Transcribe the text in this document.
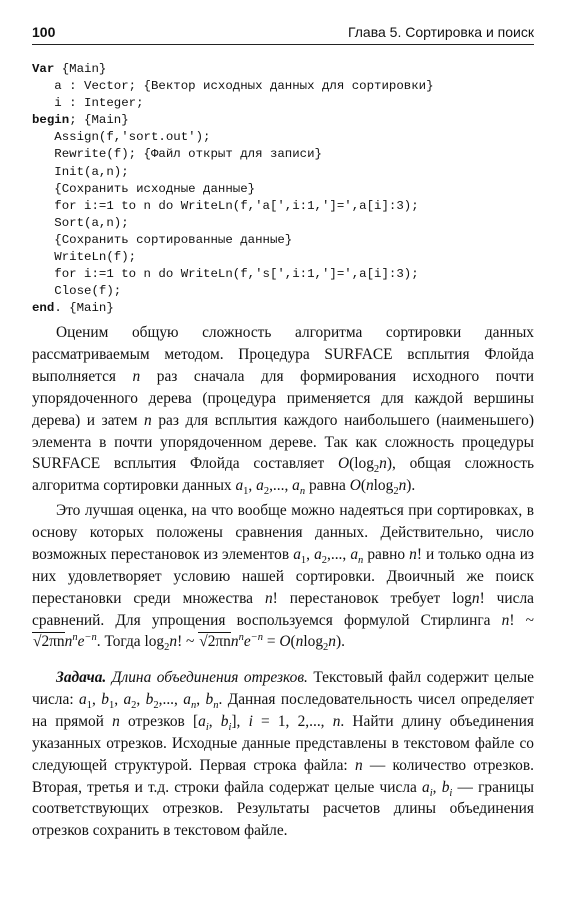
100	Глава 5. Сортировка и поиск
Var {Main}
a : Vector; {Вектор исходных данных для сортировки}
i : Integer;
begin; {Main}
Assign(f,'sort.out');
Rewrite(f); {Файл открыт для записи}
Init(a,n);
{Сохранить исходные данные}
for i:=1 to n do WriteLn(f,'a[',i:1,']=',a[i]:3);
Sort(a,n);
{Сохранить сортированные данные}
WriteLn(f);
for i:=1 to n do WriteLn(f,'s[',i:1,']=',a[i]:3);
Close(f);
end. {Main}

Оценим общую сложность алгоритма сортировки данных рассматриваемым методом. Процедура SURFACE всплытия Флойда выполняется n раз сначала для формирования исходного почти упорядоченного дерева (процедура применяется для каждой вершины дерева) и затем n раз для всплытия каждого наибольшего (наименьшего) элемента в почти упорядоченном дереве. Так как сложность процедуры SURFACE всплытия Флойда составляет $O(\log_2n)$, общая сложность алгоритма сортировки данных $a_1$, $a_2$,..., $a_n$ равна O(nlog$_2$n).

Это лучшая оценка, на что вообще можно надеяться при сортировках, в основу которых положены сравнения данных. Действительно, число возможных перестановок из элементов $a_1$, $a_2$,..., $a_n$ равно n! и только одна из них удовлетворяет условию нашей сортировки. Двоичный же поиск перестановки среди множества n! перестановок требует logn! числа сравнений. Для упрощения воспользуемся формулой Стирлинга n! ~ $√2\pi nn^ne^{-n}$. Тогда $\log_2n$! ~ $√2\pi nn^ne^{-n} = O(nlog_2n)$.

Задача. Длина объединения отрезков. Текстовый файл содержит целые числа: $a_1$, $b_1$, $a_2$, $b_2$,..., $a_n$, $b_n$. Данная последовательность чисел определяет на прямой n отрезков [$a_i$, $b_i$], i = 1, 2,..., n. Найти длину объединения указанных отрезков. Исходные данные представлены в текстовом файле со следующей структурой. Первая строка файла: n — количество отрезков. Вторая, третья и т.д. строки файла содержат целые числа $a_i$, $b_i$ — границы соответствующих отрезков. Результаты расчетов длины объединения отрезков сохранить в текстовом файле.
